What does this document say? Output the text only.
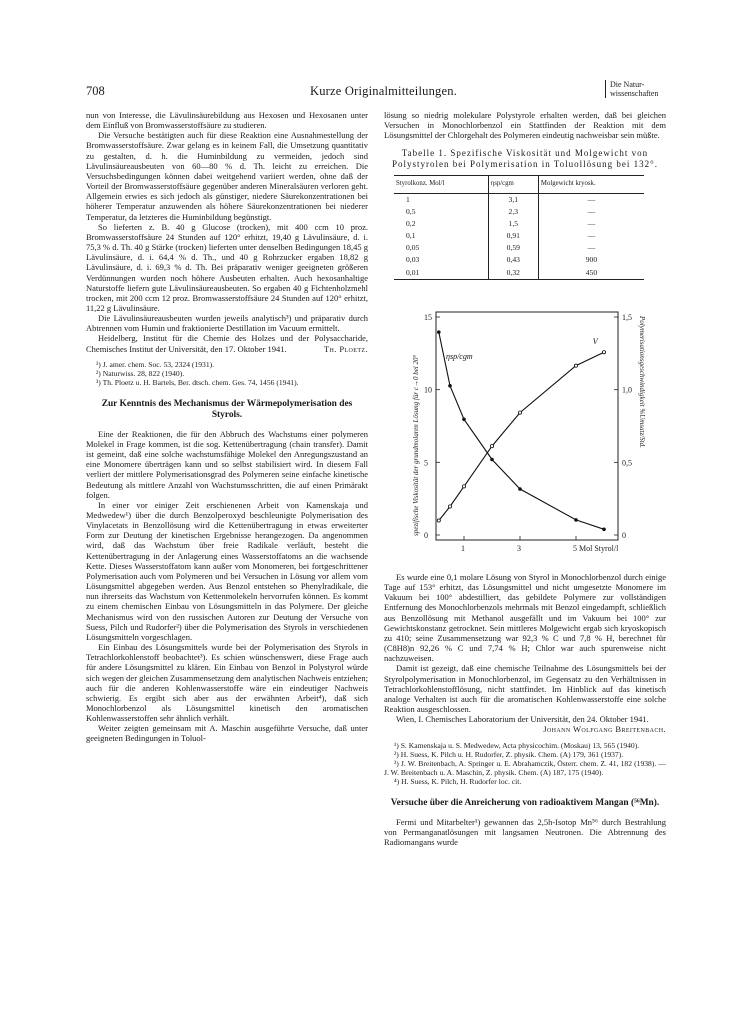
708	Kurze Originalmitteilungen.	Die Natur-
wissenschaften

nun von Interesse, die Lävulinsäurebildung aus Hexosen und Hexosanen unter dem Einfluß von Bromwasserstoffsäure zu studieren.

Die Versuche bestätigten auch für diese Reaktion eine Ausnahmestellung der Bromwasserstoffsäure. Zwar gelang es in keinem Fall, die Umsetzung quantitativ zu gestalten, d. h. die Huminbildung zu vermeiden, jedoch sind Lävulinsäureausbeuten von 60—80 % d. Th. leicht zu erreichen. Die Versuchsbedingungen können dabei weitgehend variiert werden, ohne daß der Vorteil der Bromwasserstoffsäure gegenüber anderen Mineralsäuren verloren geht. Allgemein erwies es sich jedoch als günstiger, niedere Säurekonzentrationen bei höherer Temperatur anzuwenden als höhere Säurekonzentrationen bei niederer Temperatur, da letzteres die Huminbildung begünstigt.

So lieferten z. B. 40 g Glucose (trocken), mit 400 ccm 10 proz. Bromwasserstoffsäure 24 Stunden auf 120° erhitzt, 19,40 g Lävulinsäure, d. i. 75,3 % d. Th. 40 g Stärke (trocken) lieferten unter denselben Bedingungen 18,45 g Lävulinsäure, d. i. 64,4 % d. Th., und 40 g Rohrzucker ergaben 18,82 g Lävulinsäure, d. i. 69,3 % d. Th. Bei präparativ weniger geeigneten größeren Verdünnungen wurden noch höhere Ausbeuten erhalten. Auch hexosanhaltige Naturstoffe liefern gute Lävulinsäureausbeuten. So ergaben 40 g Fichtenholzmehl trocken, mit 200 ccm 12 proz. Bromwasserstoffsäure 24 Stunden auf 120° erhitzt, 11,22 g Lävulinsäure.

Die Lävulinsäureausbeuten wurden jeweils analytisch³) und präparativ durch Abtrennen vom Humin und fraktionierte Destillation im Vacuum ermittelt.

Heidelberg, Institut für die Chemie des Holzes und der Polysaccharide, Chemisches Institut der Universität, den 17. Oktober 1941.	Th. Ploetz.

¹) J. amer. chem. Soc. 53, 2324 (1931).
²) Naturwiss. 28, 822 (1940).
³) Th. Ploetz u. H. Bartels, Ber. dtsch. chem. Ges. 74, 1456 (1941).
Zur Kenntnis des Mechanismus der Wärmepolymerisation des Styrols.

Eine der Reaktionen, die für den Abbruch des Wachstums einer polymeren Molekel in Frage kommen, ist die sog. Kettenübertragung (chain transfer). Damit ist gemeint, daß eine solche wachstumsfähige Molekel den Anregungszustand an eine Monomere überträgen kann und so selbst stabilisiert wird. In diesem Fall verliert der mittlere Polymerisationsgrad des Polymeren seine einfache kinetische Bedeutung als mittlere Anzahl von Wachstumsschritten, die auf einen Primärakt folgen.

In einer vor einiger Zeit erschienenen Arbeit von Kamenskaja und Medwedew¹) über die durch Benzolperoxyd beschleunigte Polymerisation des Vinylacetats in Benzollösung wird die Kettenübertragung in etwas erweiterter Form zur Deutung der kinetischen Ergebnisse herangezogen. Da angenommen wird, daß das Wachstum über freie Radikale verläuft, besteht die Kettenübertragung in der Anlagerung eines Wasserstoffatoms an die wachsende Kette. Dieses Wasserstoffatom kann außer vom Monomeren, bei fortgeschrittener Polymerisation auch vom Polymeren und bei Versuchen in Lösung vor allem vom Lösungsmittel abgegeben werden. Aus Benzol entstehen so Phenylradikale, die nun ihrerseits das Wachstum von Kettenmolekeln hervorrufen können. Es kommt zu einem chemischen Einbau von Lösungsmitteln in das Polymere. Der gleiche Mechanismus wird von den russischen Autoren zur Deutung der Versuche von Suess, Pilch und Rudorfer²) über die Polymerisation des Styrols in verschiedenen Lösungsmitteln vorgeschlagen.

Ein Einbau des Lösungsmittels wurde bei der Polymerisation des Styrols in Tetrachlorkohlenstoff beobachtet³). Es schien wünschenswert, diese Frage auch für andere Lösungsmittel zu klären. Ein Einbau von Benzol in Polystyrol würde sich wegen der gleichen Zusammensetzung dem analytischen Nachweis entziehen; auch für die anderen Kohlenwasserstoffe wäre ein eindeutiger Nachweis schwierig. Es ergibt sich aber aus der erwähnten Arbeit⁴), daß sich Monochlorbenzol als Lösungsmittel kinetisch den aromatischen Kohlenwasserstoffen sehr ähnlich verhält.

Weiter zeigten gemeinsam mit A. Maschin ausgeführte Versuche, daß unter geeigneten Bedingungen in Toluol-

lösung so niedrig molekulare Polystyrole erhalten werden, daß bei gleichen Versuchen in Monochlorbenzol ein Stattfinden der Reaktion mit dem Lösungsmittel der Chlorgehalt des Polymeren eindeutig nachweisbar sein müßte.

Tabelle 1. Spezifische Viskosität und Molgewicht von Polystyrolen bei Polymerisation in Toluollösung bei 132°.
Styrolkonz. Mol/l	ηsp/cgm	Molgewicht kryosk.
1	3,1	—
0,5	2,3	—
0,2	1,5	—
0,1	0,91	—
0,05	0,59	—
0,03	0,43	900
0,01	0,32	450
1	3	5 Mol Styrol/l
0
5
10
15
0
0,5
1,0
1,5
spezifische Viskosität der grundmolaren Lösung für c→0 bei 20°	Polymerisationsgeschwindigkeit %Umsatz/Std.
ηsp/cgm
V

Es wurde eine 0,1 molare Lösung von Styrol in Monochlorbenzol durch einige Tage auf 153° erhitzt, das Lösungsmittel und nicht umgesetzte Monomere im Vakuum bei 100° abdestilliert, das gebildete Polymere zur vollständigen Entfernung des Monochlorbenzols mehrmals mit Benzol eingedampft, schließlich aus Benzollösung mit Methanol ausgefällt und im Vakuum bei 100° zur Gewichtskonstanz getrocknet. Sein mittleres Molgewicht ergab sich kryoskopisch zu 410; seine Zusammensetzung war 92,3 % C und 7,8 % H, berechnet für (C8H8)n 92,26 % C und 7,74 % H; Chlor war auch spurenweise nicht nachzuweisen.

Damit ist gezeigt, daß eine chemische Teilnahme des Lösungsmittels bei der Styrolpolymerisation in Monochlorbenzol, im Gegensatz zu den Verhältnissen in Tetrachlorkohlenstofflösung, nicht stattfindet. Im Hinblick auf das kinetisch analoge Verhalten ist auch für die aromatischen Kohlenwasserstoffe eine solche Reaktion ausgeschlossen.

Wien, I. Chemisches Laboratorium der Universität, den 24. Oktober 1941.
Johann Wolfgang Breitenbach.

¹) S. Kamenskaja u. S. Medwedew, Acta physicochim. (Moskau) 13, 565 (1940).
²) H. Suess, K. Pilch u. H. Rudorfer, Z. physik. Chem. (A) 179, 361 (1937).
³) J. W. Breitenbach, A. Springer u. E. Abrahamczik, Österr. chem. Z. 41, 182 (1938). — J. W. Breitenbach u. A. Maschin, Z. physik. Chem. (A) 187, 175 (1940).
⁴) H. Suess, K. Pilch, H. Rudorfer loc. cit.
Versuche über die Anreicherung von radioaktivem Mangan (⁵⁶Mn).

Fermi und Mitarbelter¹) gewannen das 2,5h-Isotop Mn⁵⁶ durch Bestrahlung von Permanganatlösungen mit langsamen Neutronen. Die Abtrennung des Radiomangans wurde
